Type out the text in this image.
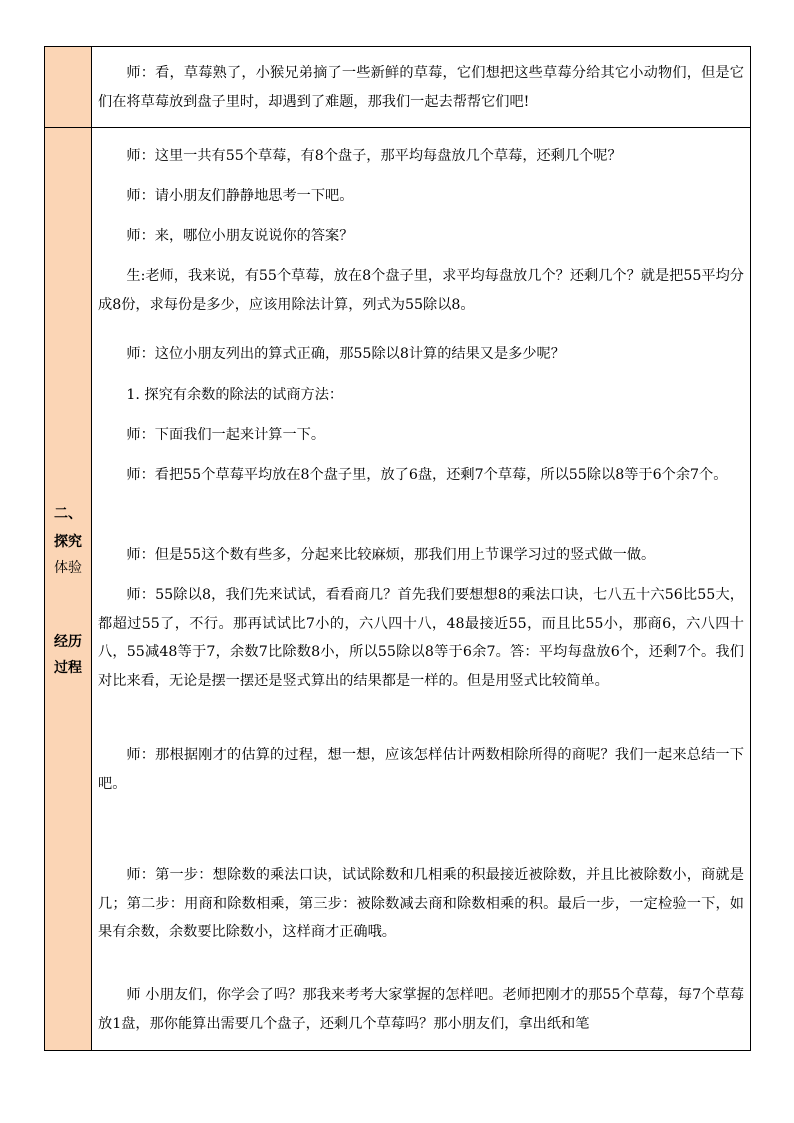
师：看，草莓熟了，小猴兄弟摘了一些新鲜的草莓，它们想把这些草莓分给其它小动物们，但是它们在将草莓放到盘子里时，却遇到了难题，那我们一起去帮帮它们吧!
二、
探究
体验
经历
过程
师：这里一共有55个草莓，有8个盘子，那平均每盘放几个草莓，还剩几个呢？
师：请小朋友们静静地思考一下吧。
师：来，哪位小朋友说说你的答案？
生:老师，我来说，有55个草莓，放在8个盘子里，求平均每盘放几个？还剩几个？就是把55平均分成8份，求每份是多少，应该用除法计算，列式为55除以8。
师：这位小朋友列出的算式正确，那55除以8计算的结果又是多少呢？
1. 探究有余数的除法的试商方法：
师：下面我们一起来计算一下。
师：看把55个草莓平均放在8个盘子里，放了6盘，还剩7个草莓，所以55除以8等于6个余7个。
师：但是55这个数有些多，分起来比较麻烦，那我们用上节课学习过的竖式做一做。
师：55除以8，我们先来试试，看看商几？首先我们要想想8的乘法口诀，七八五十六56比55大，都超过55了，不行。那再试试比7小的，六八四十八，48最接近55，而且比55小，那商6，六八四十八，55减48等于7，余数7比除数8小，所以55除以8等于6余7。答：平均每盘放6个，还剩7个。我们对比来看，无论是摆一摆还是竖式算出的结果都是一样的。但是用竖式比较简单。
师：那根据刚才的估算的过程，想一想，应该怎样估计两数相除所得的商呢？我们一起来总结一下吧。
师：第一步：想除数的乘法口诀，试试除数和几相乘的积最接近被除数，并且比被除数小，商就是几；第二步：用商和除数相乘，第三步：被除数减去商和除数相乘的积。最后一步，一定检验一下，如果有余数，余数要比除数小，这样商才正确哦。
师 小朋友们，你学会了吗？那我来考考大家掌握的怎样吧。老师把刚才的那55个草莓，每7个草莓放1盘，那你能算出需要几个盘子，还剩几个草莓吗？那小朋友们，拿出纸和笔
